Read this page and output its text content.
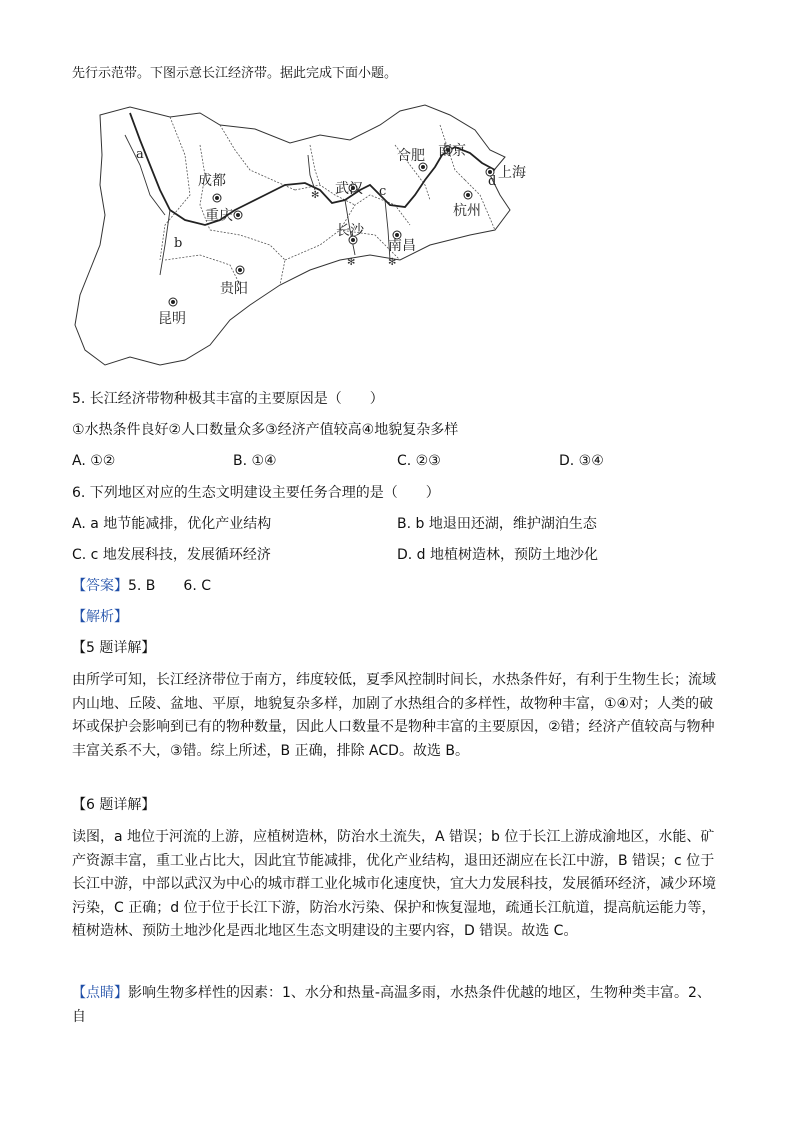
先行示范带。下图示意长江经济带。据此完成下面小题。
✻	✻
✻
成都
重庆
武汉
合肥 南京
上海
杭州
长沙
南昌
贵阳
昆明
a
b
c
d
5. 长江经济带物种极其丰富的主要原因是（　　）
①水热条件良好②人口数量众多③经济产值较高④地貌复杂多样
A. ①②	B. ①④	C. ②③	D. ③④
6. 下列地区对应的生态文明建设主要任务合理的是（　　）
A. a 地节能减排，优化产业结构	B. b 地退田还湖，维护湖泊生态
C. c 地发展科技，发展循环经济	D. d 地植树造林，预防土地沙化
【答案】5. B　　6. C
【解析】
【5 题详解】
由所学可知，长江经济带位于南方，纬度较低，夏季风控制时间长，水热条件好，有利于生物生长；流域内山地、丘陵、盆地、平原，地貌复杂多样，加剧了水热组合的多样性，故物种丰富，①④对；人类的破坏或保护会影响到已有的物种数量，因此人口数量不是物种丰富的主要原因，②错；经济产值较高与物种丰富关系不大，③错。综上所述，B 正确，排除 ACD。故选 B。
【6 题详解】
读图，a 地位于河流的上游，应植树造林，防治水土流失，A 错误；b 位于长江上游成渝地区，水能、矿产资源丰富，重工业占比大，因此宜节能减排，优化产业结构，退田还湖应在长江中游，B 错误；c 位于长江中游，中部以武汉为中心的城市群工业化城市化速度快，宜大力发展科技，发展循环经济，减少环境污染，C 正确；d 位于位于长江下游，防治水污染、保护和恢复湿地，疏通长江航道，提高航运能力等，植树造林、预防土地沙化是西北地区生态文明建设的主要内容，D 错误。故选 C。
【点睛】影响生物多样性的因素：1、水分和热量-高温多雨，水热条件优越的地区，生物种类丰富。2、自
